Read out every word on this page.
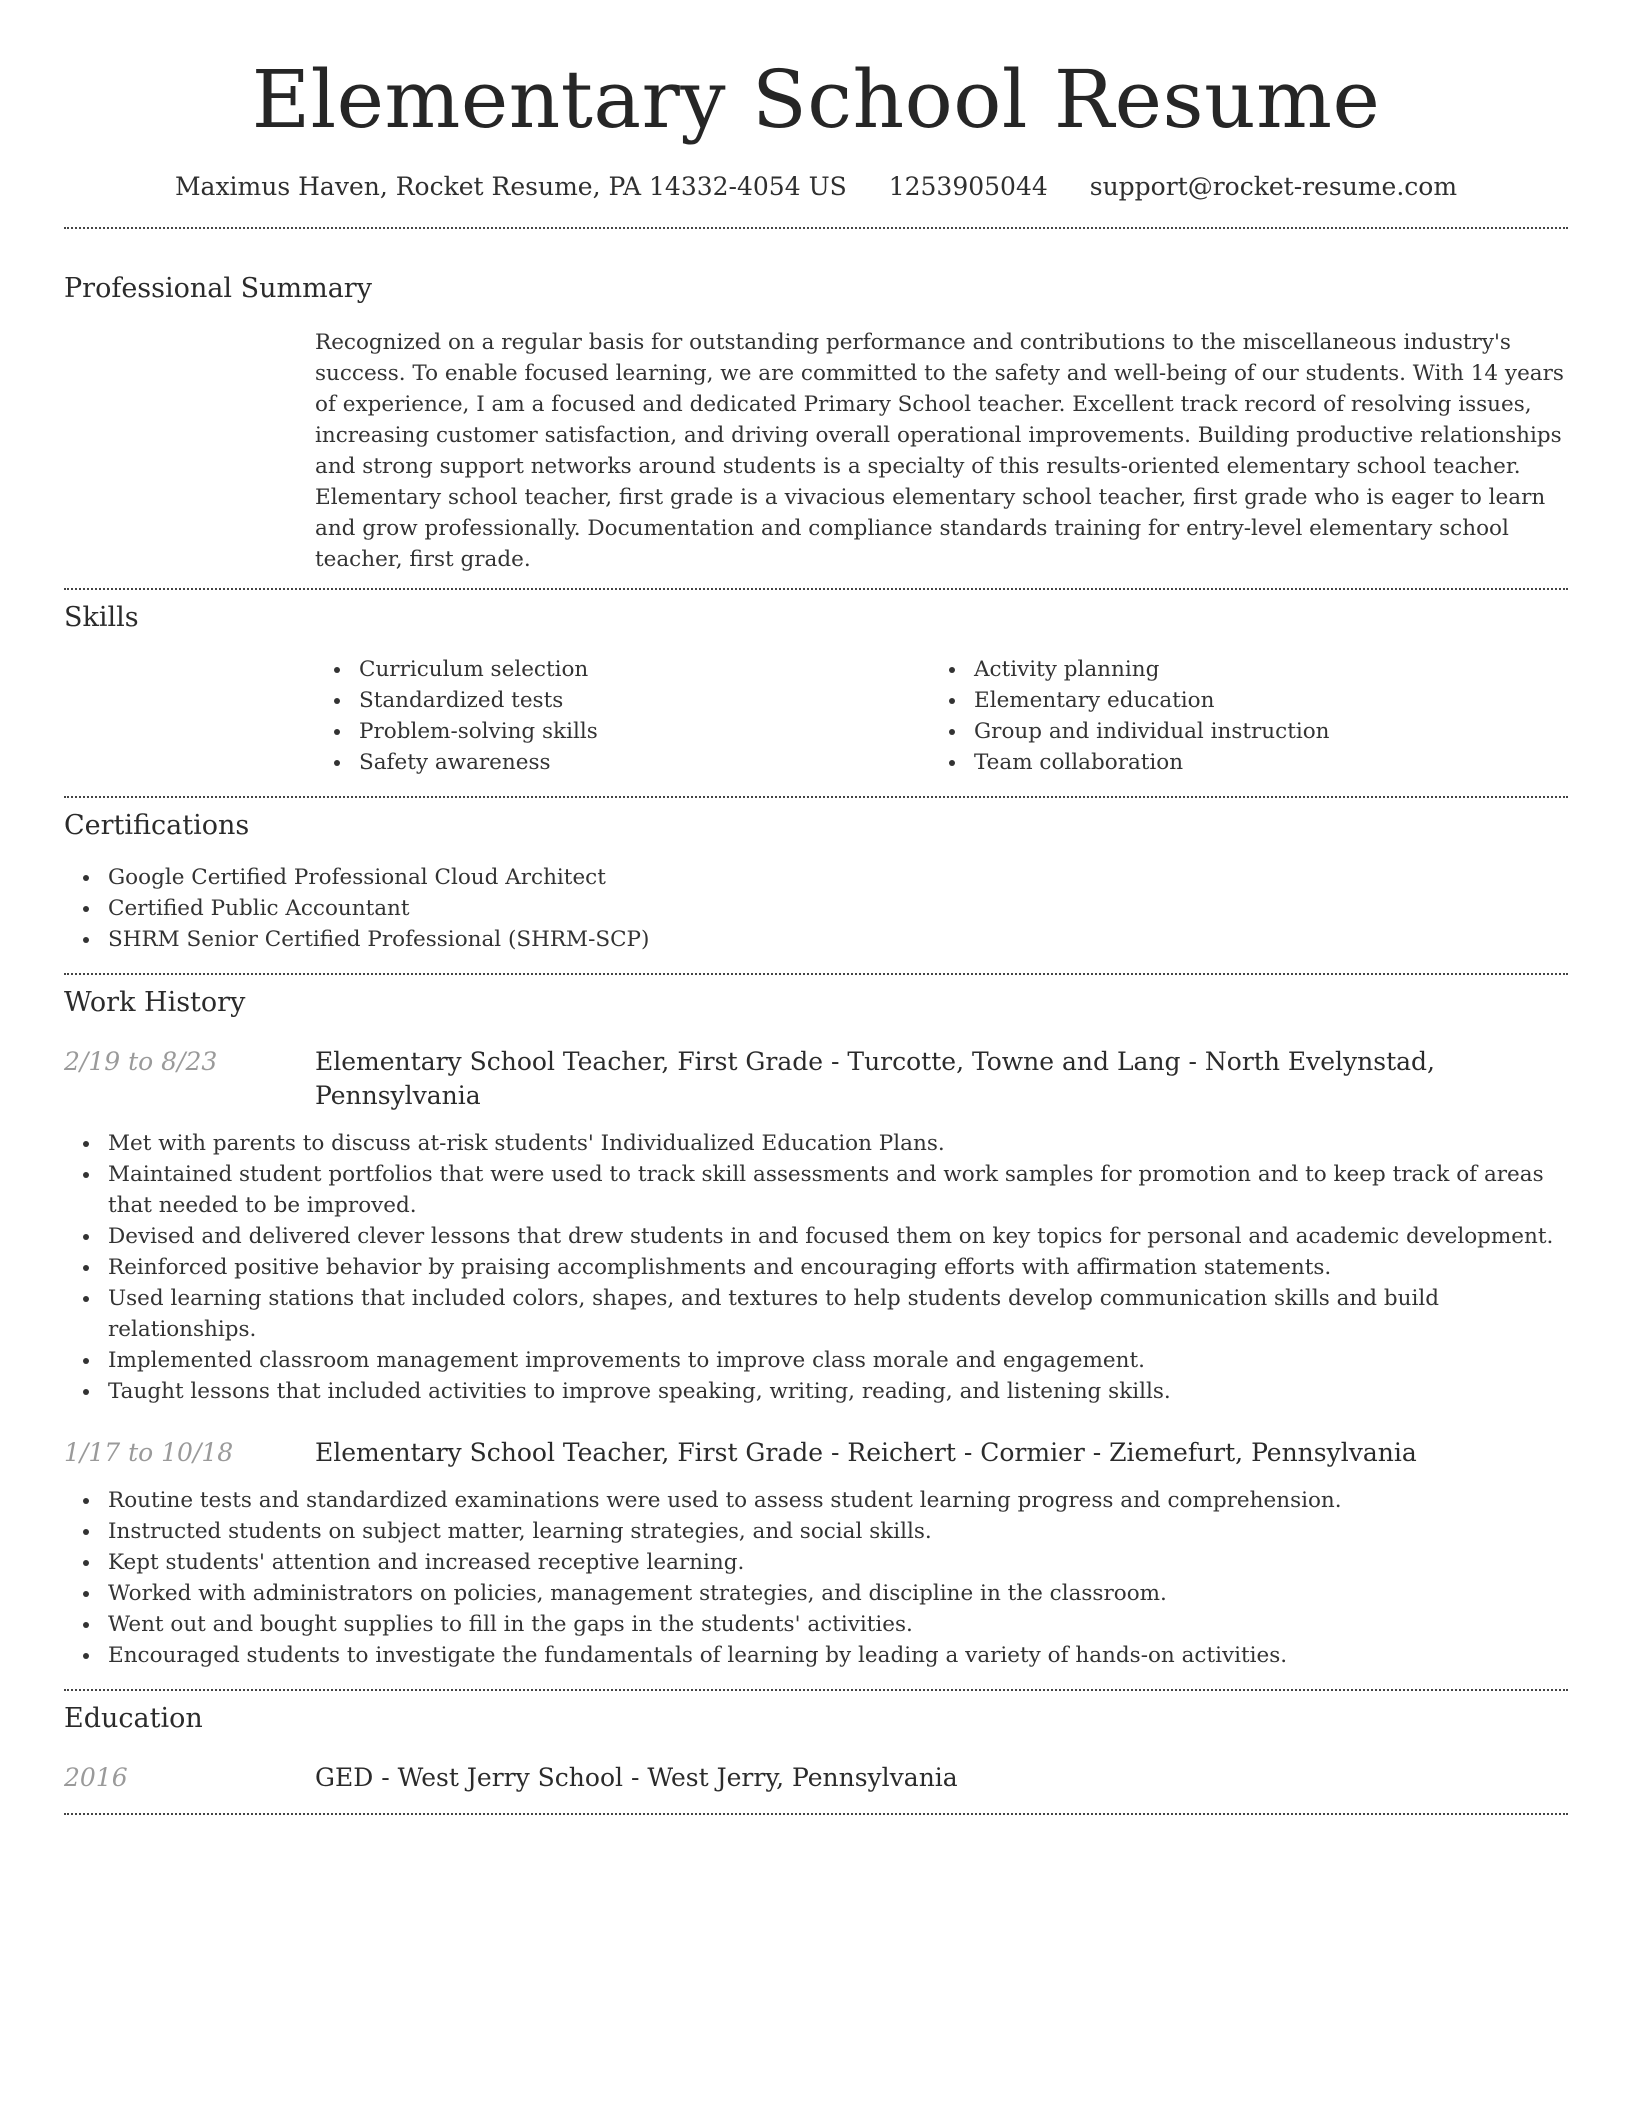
Elementary School Resume
Maximus Haven, Rocket Resume, PA 14332-4054 US 1253905044 support@rocket-resume.com
Professional Summary
Recognized on a regular basis for outstanding performance and contributions to the miscellaneous industry's success. To enable focused learning, we are committed to the safety and well-being of our students. With 14 years of experience, I am a focused and dedicated Primary School teacher. Excellent track record of resolving issues, increasing customer satisfaction, and driving overall operational improvements. Building productive relationships and strong support networks around students is a specialty of this results-oriented elementary school teacher. Elementary school teacher, first grade is a vivacious elementary school teacher, first grade who is eager to learn and grow professionally. Documentation and compliance standards training for entry-level elementary school teacher, first grade.
Skills
Curriculum selection
Standardized tests
Problem-solving skills
Safety awareness
Activity planning
Elementary education
Group and individual instruction
Team collaboration
Certifications
Google Certified Professional Cloud Architect
Certified Public Accountant
SHRM Senior Certified Professional (SHRM-SCP)
Work History
2/19 to 8/23	Elementary School Teacher, First Grade - Turcotte, Towne and Lang - North Evelynstad, Pennsylvania
Met with parents to discuss at-risk students' Individualized Education Plans.
Maintained student portfolios that were used to track skill assessments and work samples for promotion and to keep track of areas that needed to be improved.
Devised and delivered clever lessons that drew students in and focused them on key topics for personal and academic development.
Reinforced positive behavior by praising accomplishments and encouraging efforts with affirmation statements.
Used learning stations that included colors, shapes, and textures to help students develop communication skills and build relationships.
Implemented classroom management improvements to improve class morale and engagement.
Taught lessons that included activities to improve speaking, writing, reading, and listening skills.
1/17 to 10/18	Elementary School Teacher, First Grade - Reichert - Cormier - Ziemefurt, Pennsylvania
Routine tests and standardized examinations were used to assess student learning progress and comprehension.
Instructed students on subject matter, learning strategies, and social skills.
Kept students' attention and increased receptive learning.
Worked with administrators on policies, management strategies, and discipline in the classroom.
Went out and bought supplies to fill in the gaps in the students' activities.
Encouraged students to investigate the fundamentals of learning by leading a variety of hands-on activities.
Education
2016	GED - West Jerry School - West Jerry, Pennsylvania
